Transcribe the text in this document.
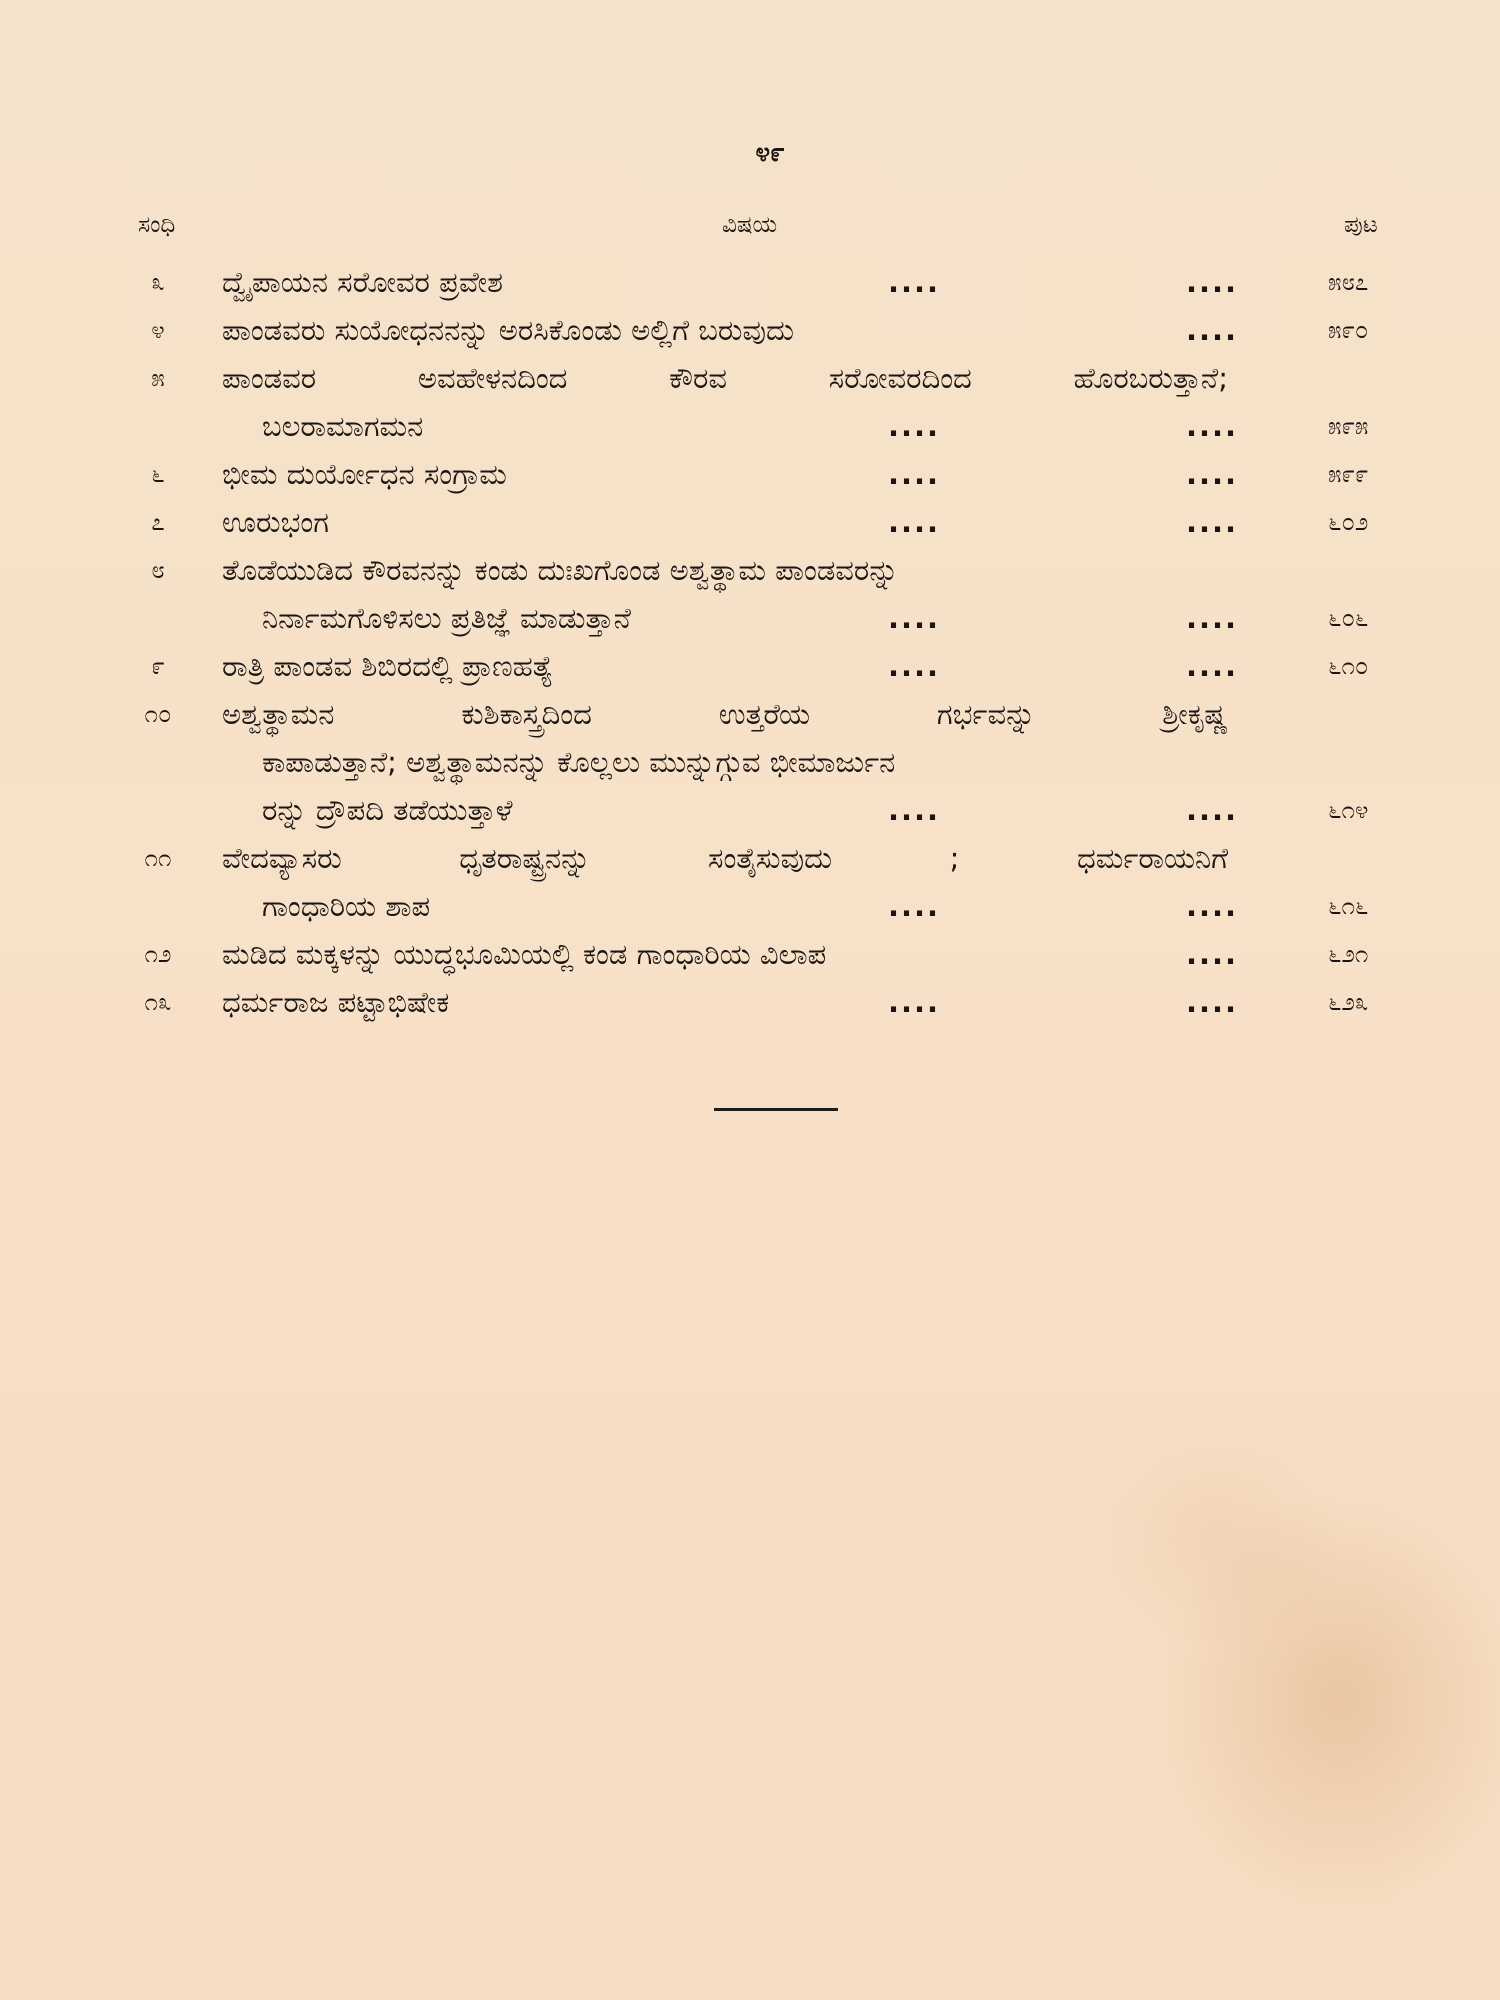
೪೯
ಸಂಧಿ	ವಿಷಯ	ಪುಟ
೩	ದ್ವೈಪಾಯನ ಸರೋವರ ಪ್ರವೇಶ	....	....	೫೮೭
೪	ಪಾಂಡವರು ಸುಯೋಧನನನ್ನು ಅರಸಿಕೊಂಡು ಅಲ್ಲಿಗೆ ಬರುವುದು	....	೫೯೦
೫	ಪಾಂಡವರ ಅವಹೇಳನದಿಂದ ಕೌರವ ಸರೋವರದಿಂದ ಹೊರಬರುತ್ತಾನೆ;
ಬಲರಾಮಾಗಮನ	....	....	೫೯೫
೬	ಭೀಮ ದುರ್ಯೋಧನ ಸಂಗ್ರಾಮ	....	....	೫೯೯
೭	ಊರುಭಂಗ	....	....	೬೦೨
೮	ತೊಡೆಯುಡಿದ ಕೌರವನನ್ನು ಕಂಡು ದುಃಖಗೊಂಡ ಅಶ್ವತ್ಥಾಮ ಪಾಂಡವರನ್ನು
ನಿರ್ನಾಮಗೊಳಿಸಲು ಪ್ರತಿಜ್ಞೆ ಮಾಡುತ್ತಾನೆ	....	....	೬೦೬
೯	ರಾತ್ರಿ ಪಾಂಡವ ಶಿಬಿರದಲ್ಲಿ ಪ್ರಾಣಹತ್ಯೆ	....	....	೬೧೦
೧೦	ಅಶ್ವತ್ಥಾಮನ ಕುಶಿಕಾಸ್ತ್ರದಿಂದ ಉತ್ತರೆಯ ಗರ್ಭವನ್ನು ಶ್ರೀಕೃಷ್ಣ
ಕಾಪಾಡುತ್ತಾನೆ; ಅಶ್ವತ್ಥಾಮನನ್ನು ಕೊಲ್ಲಲು ಮುನ್ನುಗ್ಗುವ ಭೀಮಾರ್ಜುನ
ರನ್ನು ದ್ರೌಪದಿ ತಡೆಯುತ್ತಾಳೆ	....	....	೬೧೪
೧೧	ವೇದವ್ಯಾಸರು ಧೃತರಾಷ್ಟ್ರನನ್ನು ಸಂತೈಸುವುದು ; ಧರ್ಮರಾಯನಿಗೆ
ಗಾಂಧಾರಿಯ ಶಾಪ	....	....	೬೧೬
೧೨	ಮಡಿದ ಮಕ್ಕಳನ್ನು ಯುದ್ಧಭೂಮಿಯಲ್ಲಿ ಕಂಡ ಗಾಂಧಾರಿಯ ವಿಲಾಪ	....	೬೨೧
೧೩	ಧರ್ಮರಾಜ ಪಟ್ಟಾಭಿಷೇಕ	....	....	೬೨೩
